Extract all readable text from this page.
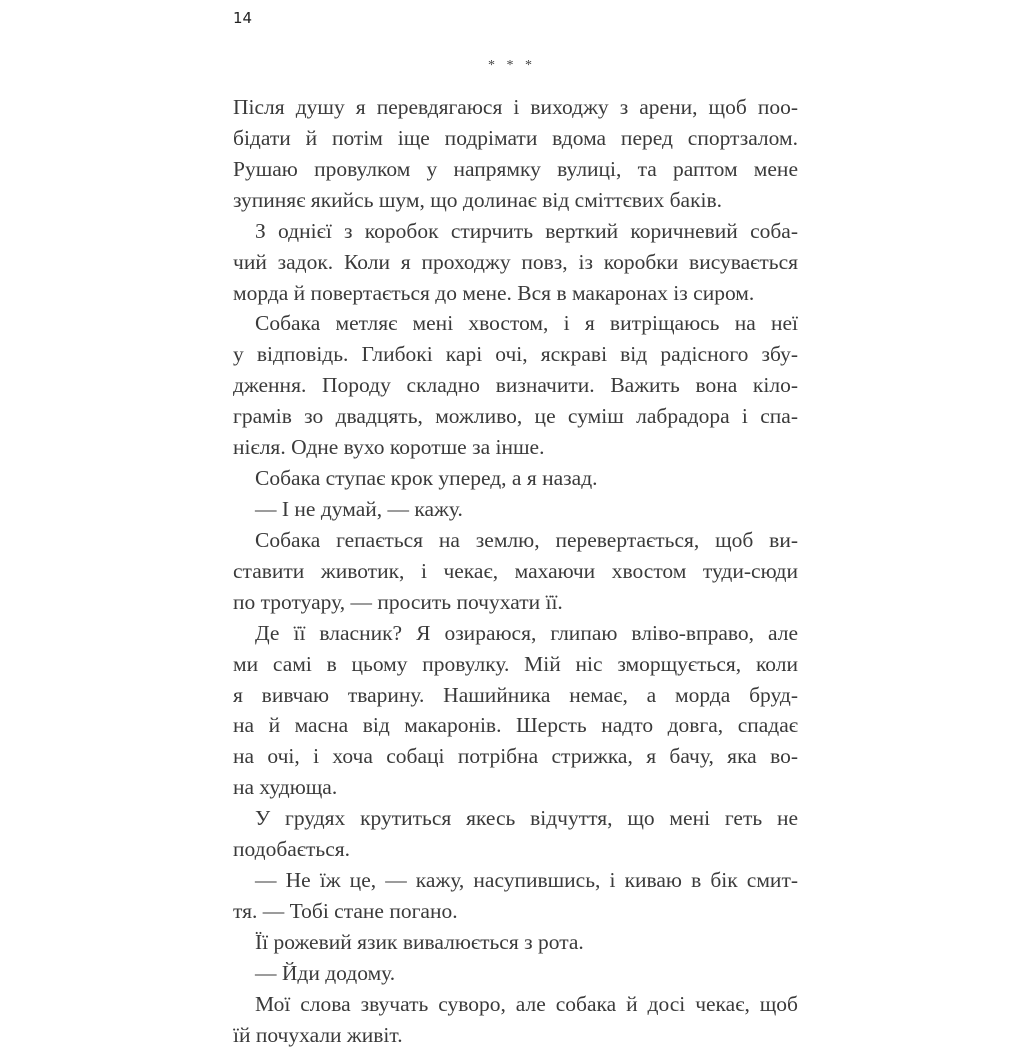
14
* * *
Після душу я перевдягаюся і виходжу з арени, щоб поо-
бідати й потім іще подрімати вдома перед спортзалом.
Рушаю провулком у напрямку вулиці, та раптом мене
зупиняє якийсь шум, що долинає від сміттєвих баків.
З однієї з коробок стирчить верткий коричневий соба-
чий задок. Коли я проходжу повз, із коробки висувається
морда й повертається до мене. Вся в макаронах із сиром.
Собака метляє мені хвостом, і я витріщаюсь на неї
у відповідь. Глибокі карі очі, яскраві від радісного збу-
дження. Породу складно визначити. Важить вона кіло-
грамів зо двадцять, можливо, це суміш лабрадора і спа-
нієля. Одне вухо коротше за інше.
Собака ступає крок уперед, а я назад.
— І не думай, — кажу.
Собака гепається на землю, перевертається, щоб ви-
ставити животик, і чекає, махаючи хвостом туди-сюди
по тротуару, — просить почухати її.
Де її власник? Я озираюся, глипаю вліво-вправо, але
ми самі в цьому провулку. Мій ніс зморщується, коли
я вивчаю тварину. Нашийника немає, а морда бруд-
на й масна від макаронів. Шерсть надто довга, спадає
на очі, і хоча собаці потрібна стрижка, я бачу, яка во-
на худюща.
У грудях крутиться якесь відчуття, що мені геть не
подобається.
— Не їж це, — кажу, насупившись, і киваю в бік смит-
тя. — Тобі стане погано.
Її рожевий язик вивалюється з рота.
— Йди додому.
Мої слова звучать суворо, але собака й досі чекає, щоб
їй почухали живіт.
